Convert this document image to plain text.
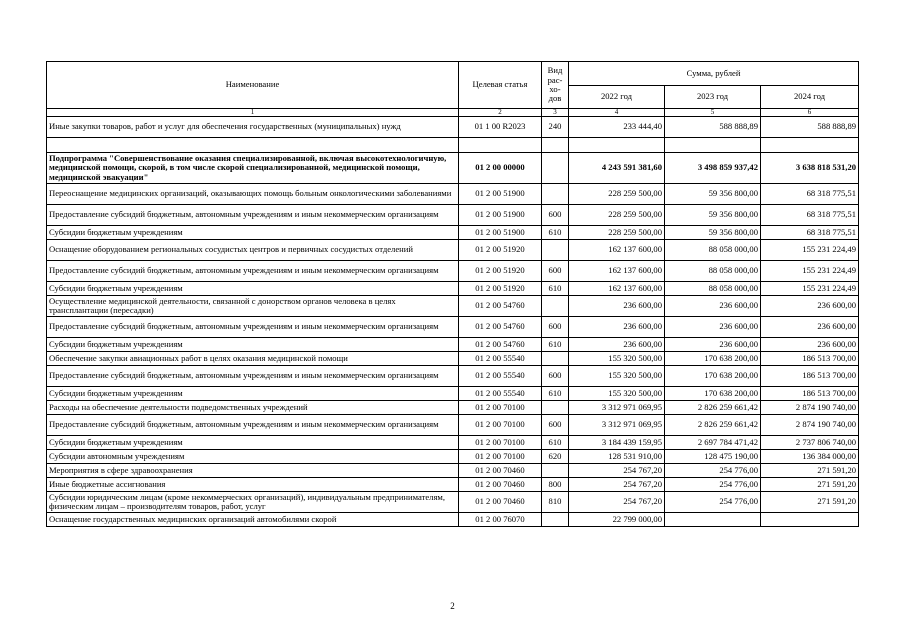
Наименование	Целевая статья	Вид рас-хо-дов	Сумма, рублей		
			2022 год	2023 год	2024 год
1	2	3	4	5	6
Иные закупки товаров, работ и услуг для обеспечения государственных (муниципальных) нужд	01 1 00 R2023	240	233 444,40	588 888,89	588 888,89

Подпрограмма "Совершенствование оказания специализированной, включая высокотехнологичную, медицинской помощи, скорой, в том числе скорой специализированной, медицинской помощи, медицинской эвакуации"	01 2 00 00000		4 243 591 381,60	3 498 859 937,42	3 638 818 531,20
Переоснащение медицинских организаций, оказывающих помощь больным онкологическими заболеваниями	01 2 00 51900		228 259 500,00	59 356 800,00	68 318 775,51
Предоставление субсидий бюджетным, автономным учреждениям и иным некоммерческим организациям	01 2 00 51900	600	228 259 500,00	59 356 800,00	68 318 775,51
Субсидии бюджетным учреждениям	01 2 00 51900	610	228 259 500,00	59 356 800,00	68 318 775,51
Оснащение оборудованием региональных сосудистых центров и первичных сосудистых отделений	01 2 00 51920		162 137 600,00	88 058 000,00	155 231 224,49
Предоставление субсидий бюджетным, автономным учреждениям и иным некоммерческим организациям	01 2 00 51920	600	162 137 600,00	88 058 000,00	155 231 224,49
Субсидии бюджетным учреждениям	01 2 00 51920	610	162 137 600,00	88 058 000,00	155 231 224,49
Осуществление медицинской деятельности, связанной с донорством органов человека в целях трансплантации (пересадки)	01 2 00 54760		236 600,00	236 600,00	236 600,00
Предоставление субсидий бюджетным, автономным учреждениям и иным некоммерческим организациям	01 2 00 54760	600	236 600,00	236 600,00	236 600,00
Субсидии бюджетным учреждениям	01 2 00 54760	610	236 600,00	236 600,00	236 600,00
Обеспечение закупки авиационных работ в целях оказания медицинской помощи	01 2 00 55540		155 320 500,00	170 638 200,00	186 513 700,00
Предоставление субсидий бюджетным, автономным учреждениям и иным некоммерческим организациям	01 2 00 55540	600	155 320 500,00	170 638 200,00	186 513 700,00
Субсидии бюджетным учреждениям	01 2 00 55540	610	155 320 500,00	170 638 200,00	186 513 700,00
Расходы на обеспечение деятельности подведомственных учреждений	01 2 00 70100		3 312 971 069,95	2 826 259 661,42	2 874 190 740,00
Предоставление субсидий бюджетным, автономным учреждениям и иным некоммерческим организациям	01 2 00 70100	600	3 312 971 069,95	2 826 259 661,42	2 874 190 740,00
Субсидии бюджетным учреждениям	01 2 00 70100	610	3 184 439 159,95	2 697 784 471,42	2 737 806 740,00
Субсидии автономным учреждениям	01 2 00 70100	620	128 531 910,00	128 475 190,00	136 384 000,00
Мероприятия в сфере здравоохранения	01 2 00 70460		254 767,20	254 776,00	271 591,20
Иные бюджетные ассигнования	01 2 00 70460	800	254 767,20	254 776,00	271 591,20
Субсидии юридическим лицам (кроме некоммерческих организаций), индивидуальным предпринимателям, физическим лицам – производителям товаров, работ, услуг	01 2 00 70460	810	254 767,20	254 776,00	271 591,20
Оснащение государственных медицинских организаций автомобилями скорой	01 2 00 76070		22 799 000,00		
2
